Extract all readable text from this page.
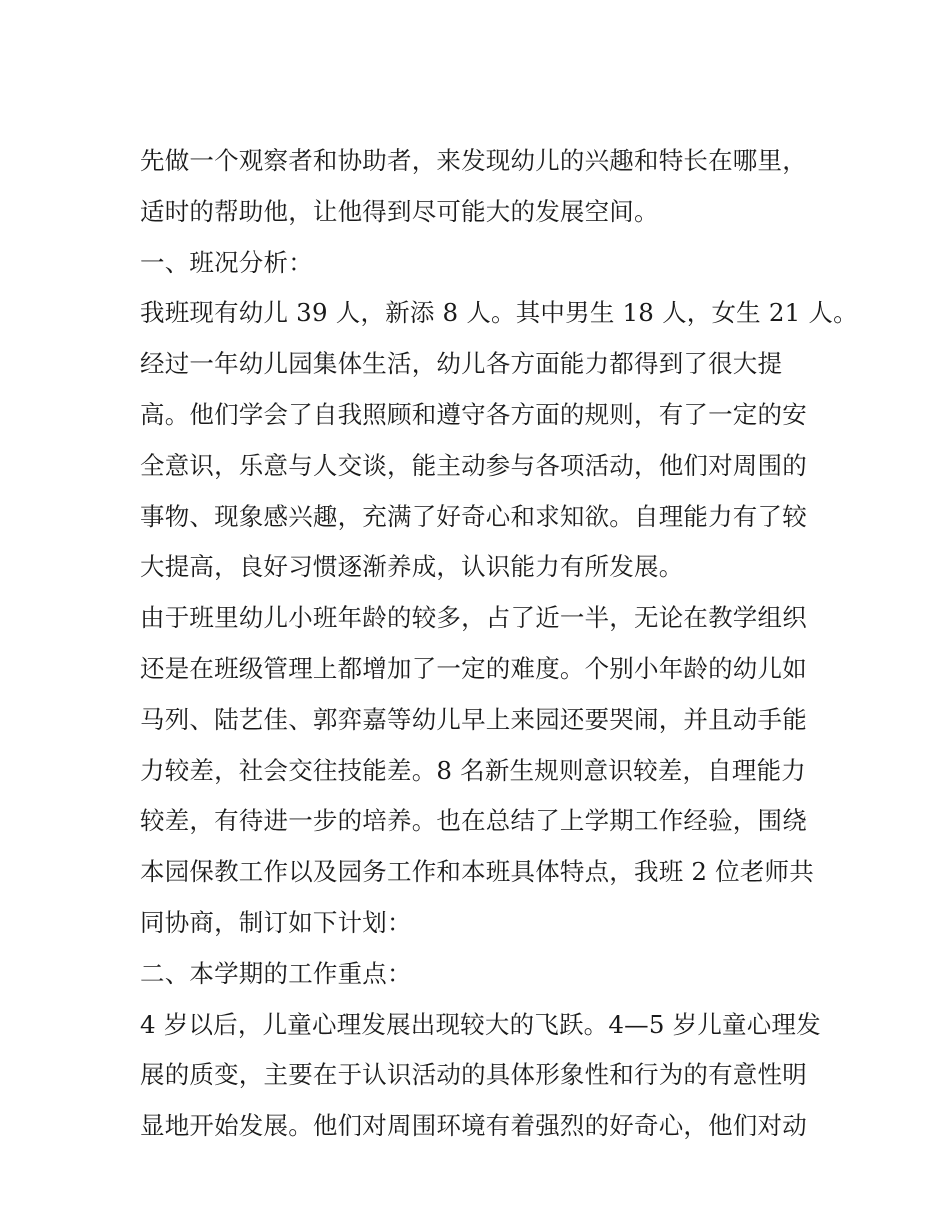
先做一个观察者和协助者，来发现幼儿的兴趣和特长在哪里，
适时的帮助他，让他得到尽可能大的发展空间。
一、班况分析：
我班现有幼儿 39 人，新添 8 人。其中男生 18 人，女生 21 人。
经过一年幼儿园集体生活，幼儿各方面能力都得到了很大提
高。他们学会了自我照顾和遵守各方面的规则，有了一定的安
全意识，乐意与人交谈，能主动参与各项活动，他们对周围的
事物、现象感兴趣，充满了好奇心和求知欲。自理能力有了较
大提高，良好习惯逐渐养成，认识能力有所发展。
由于班里幼儿小班年龄的较多，占了近一半，无论在教学组织
还是在班级管理上都增加了一定的难度。个别小年龄的幼儿如
马列、陆艺佳、郭弈嘉等幼儿早上来园还要哭闹，并且动手能
力较差，社会交往技能差。8 名新生规则意识较差，自理能力
较差，有待进一步的培养。也在总结了上学期工作经验，围绕
本园保教工作以及园务工作和本班具体特点，我班 2 位老师共
同协商，制订如下计划：
二、本学期的工作重点：
4 岁以后，儿童心理发展出现较大的飞跃。4—5 岁儿童心理发
展的质变，主要在于认识活动的具体形象性和行为的有意性明
显地开始发展。他们对周围环境有着强烈的好奇心，他们对动
